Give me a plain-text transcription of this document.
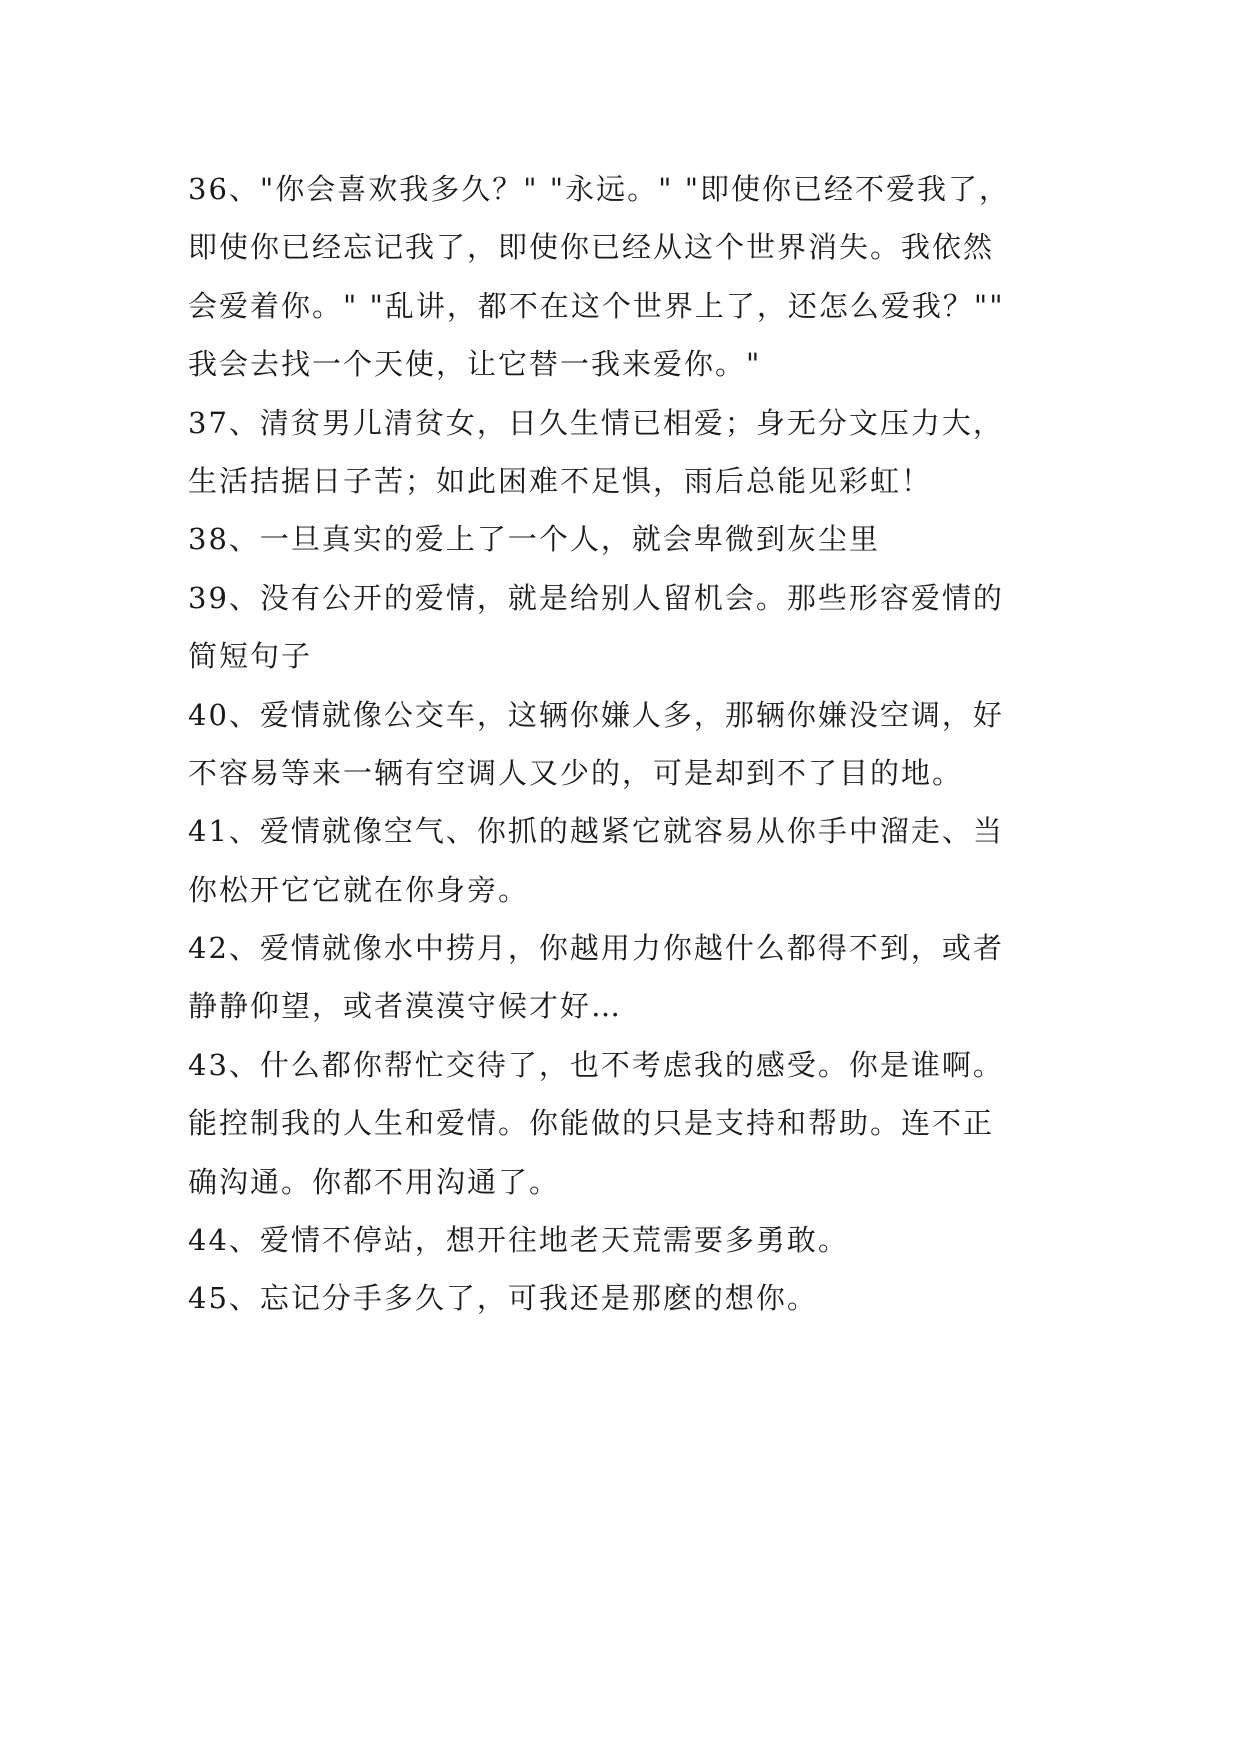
36、"你会喜欢我多久？" "永远。" "即使你已经不爱我了，
即使你已经忘记我了，即使你已经从这个世界消失。我依然
会爱着你。" "乱讲，都不在这个世界上了，还怎么爱我？""
我会去找一个天使，让它替一我来爱你。"
37、清贫男儿清贫女，日久生情已相爱；身无分文压力大，
生活拮据日子苦；如此困难不足惧，雨后总能见彩虹！
38、一旦真实的爱上了一个人，就会卑微到灰尘里
39、没有公开的爱情，就是给别人留机会。那些形容爱情的
简短句子
40、爱情就像公交车，这辆你嫌人多，那辆你嫌没空调，好
不容易等来一辆有空调人又少的，可是却到不了目的地。
41、爱情就像空气、你抓的越紧它就容易从你手中溜走、当
你松开它它就在你身旁。
42、爱情就像水中捞月，你越用力你越什么都得不到，或者
静静仰望，或者漠漠守候才好…
43、什么都你帮忙交待了，也不考虑我的感受。你是谁啊。
能控制我的人生和爱情。你能做的只是支持和帮助。连不正
确沟通。你都不用沟通了。
44、爱情不停站，想开往地老天荒需要多勇敢。
45、忘记分手多久了，可我还是那麽的想你。
